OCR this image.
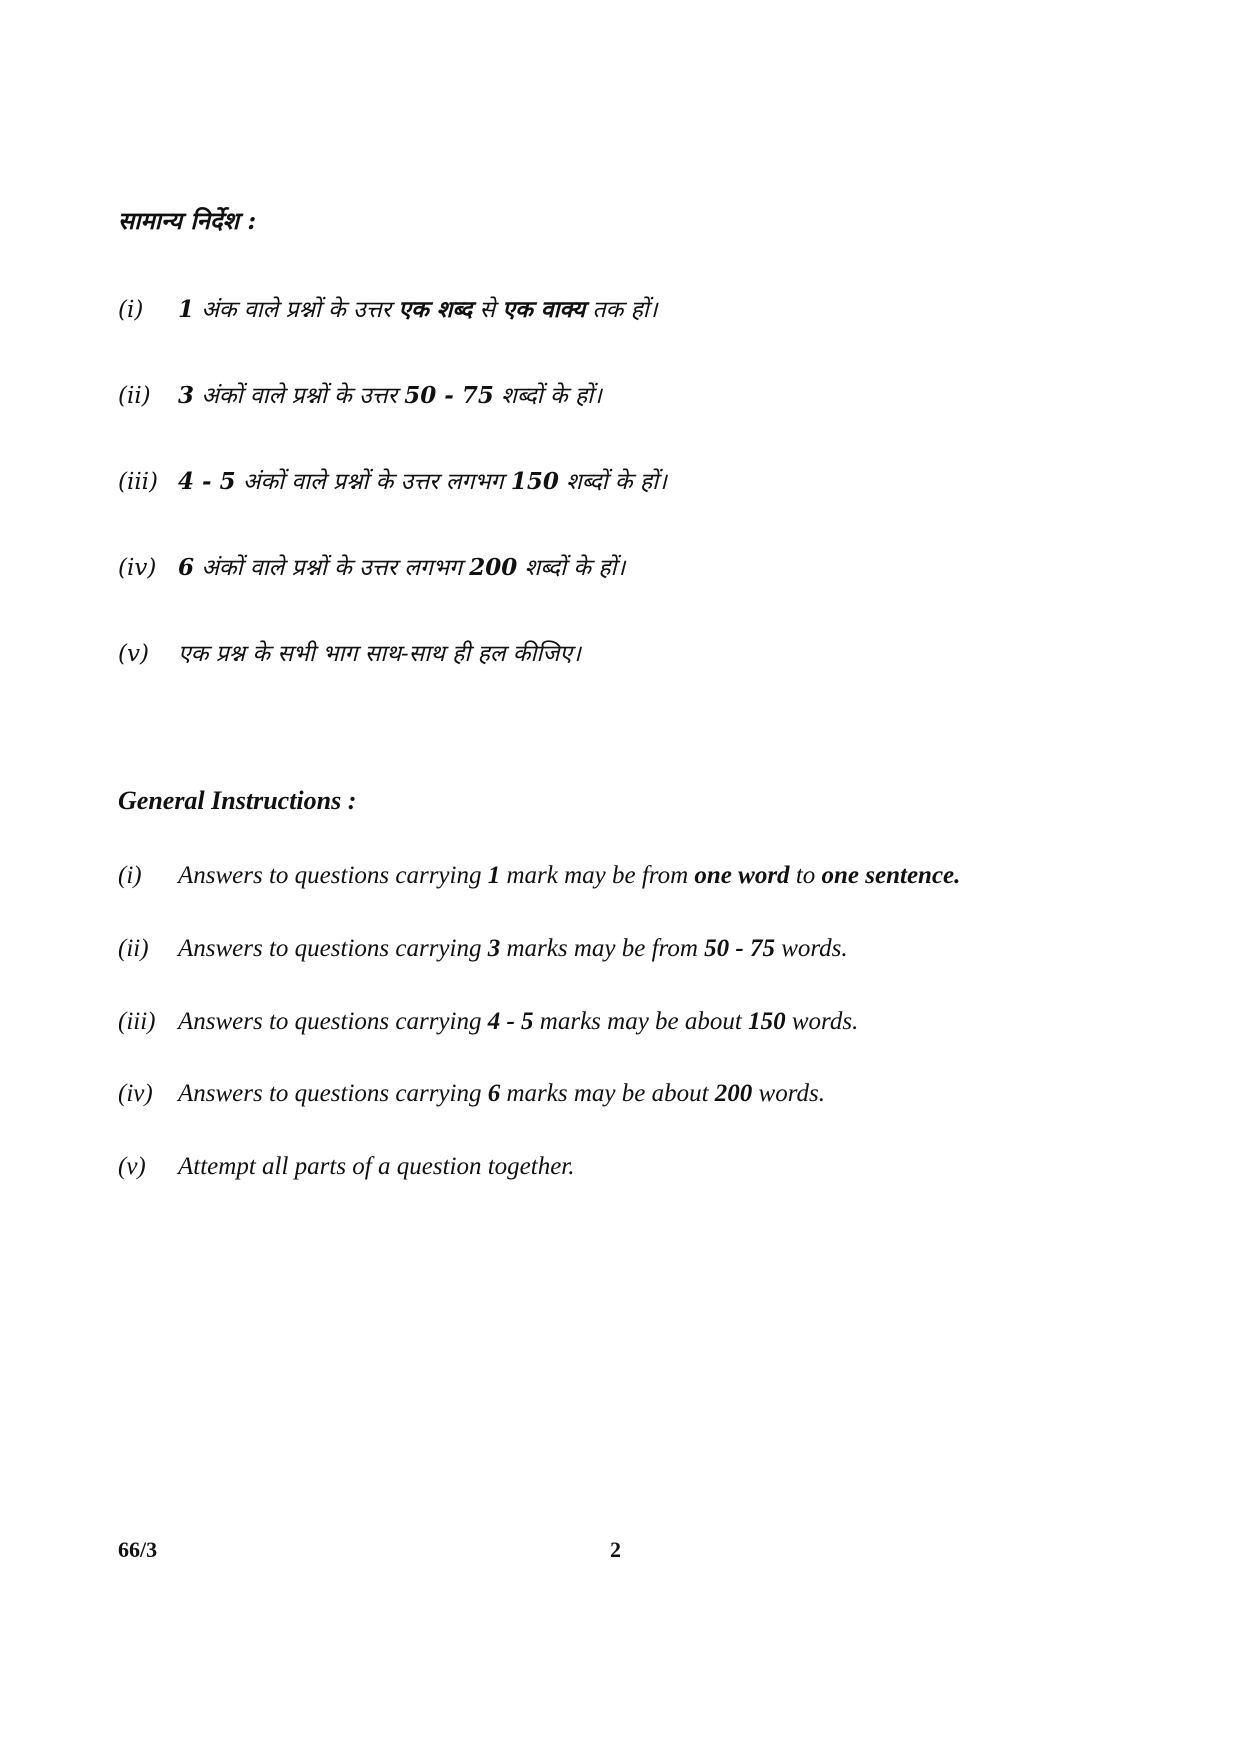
सामान्य निर्देश :
(i)	1 अंक वाले प्रश्नों के उत्तर एक शब्द से एक वाक्य तक हों।
(ii)	3 अंकों वाले प्रश्नों के उत्तर 50 - 75 शब्दों के हों।
(iii) 4 - 5 अंकों वाले प्रश्नों के उत्तर लगभग 150 शब्दों के हों।
(iv) 6 अंकों वाले प्रश्नों के उत्तर लगभग 200 शब्दों के हों।
(v)	एक प्रश्न के सभी भाग साथ-साथ ही हल कीजिए।
General Instructions :
(i)	Answers to questions carrying 1 mark may be from one word to one sentence.
(ii)	Answers to questions carrying 3 marks may be from 50 - 75 words.
(iii) Answers to questions carrying 4 - 5 marks may be about 150 words.
(iv)	Answers to questions carrying 6 marks may be about 200 words.
(v)	Attempt all parts of a question together.
66/3	2
